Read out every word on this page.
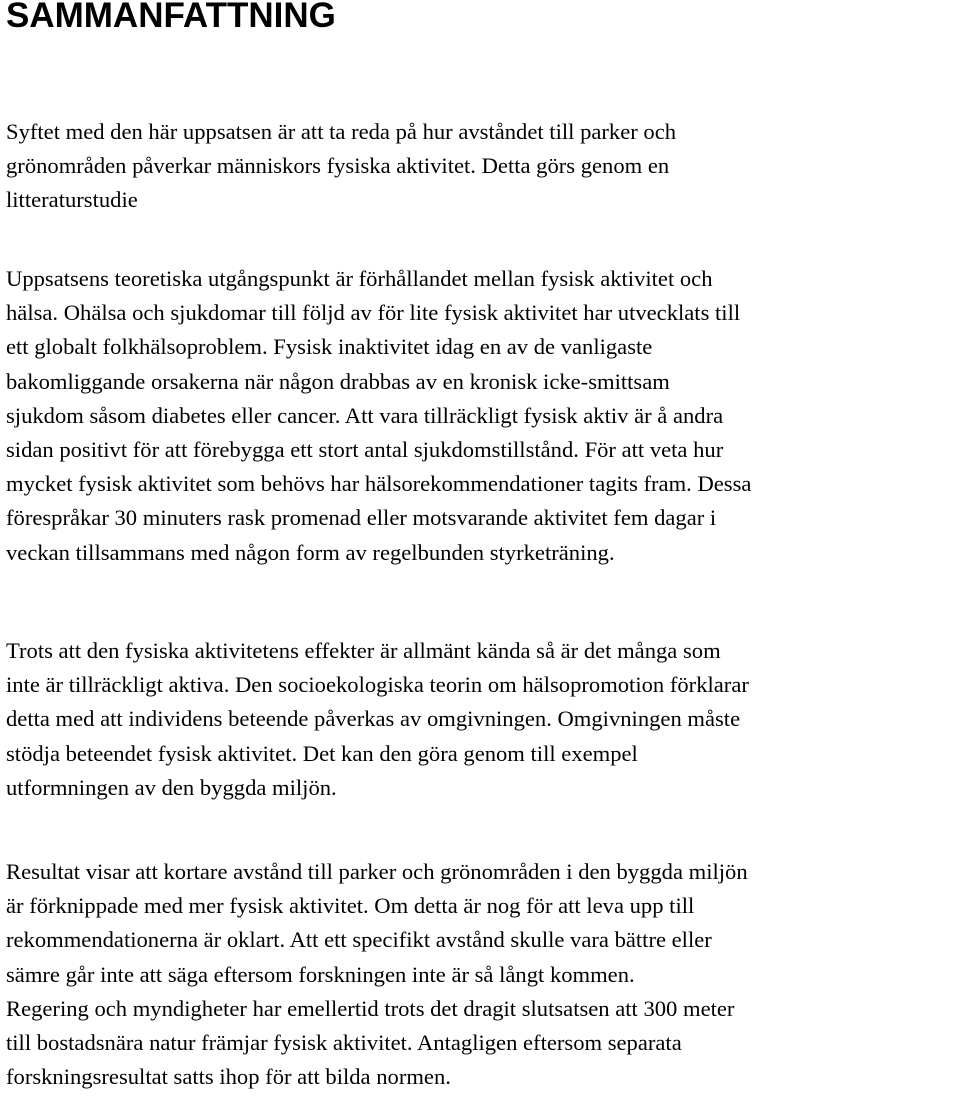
SAMMANFATTNING
Syftet med den här uppsatsen är att ta reda på hur avståndet till parker och
grönområden påverkar människors fysiska aktivitet. Detta görs genom en
litteraturstudie
Uppsatsens teoretiska utgångspunkt är förhållandet mellan fysisk aktivitet och
hälsa. Ohälsa och sjukdomar till följd av för lite fysisk aktivitet har utvecklats till
ett globalt folkhälsoproblem. Fysisk inaktivitet idag en av de vanligaste
bakomliggande orsakerna när någon drabbas av en kronisk icke-smittsam
sjukdom såsom diabetes eller cancer. Att vara tillräckligt fysisk aktiv är å andra
sidan positivt för att förebygga ett stort antal sjukdomstillstånd. För att veta hur
mycket fysisk aktivitet som behövs har hälsorekommendationer tagits fram. Dessa
förespråkar 30 minuters rask promenad eller motsvarande aktivitet fem dagar i
veckan tillsammans med någon form av regelbunden styrketräning.
Trots att den fysiska aktivitetens effekter är allmänt kända så är det många som
inte är tillräckligt aktiva. Den socioekologiska teorin om hälsopromotion förklarar
detta med att individens beteende påverkas av omgivningen. Omgivningen måste
stödja beteendet fysisk aktivitet. Det kan den göra genom till exempel
utformningen av den byggda miljön.
Resultat visar att kortare avstånd till parker och grönområden i den byggda miljön
är förknippade med mer fysisk aktivitet. Om detta är nog för att leva upp till
rekommendationerna är oklart. Att ett specifikt avstånd skulle vara bättre eller
sämre går inte att säga eftersom forskningen inte är så långt kommen.
Regering och myndigheter har emellertid trots det dragit slutsatsen att 300 meter
till bostadsnära natur främjar fysisk aktivitet. Antagligen eftersom separata
forskningsresultat satts ihop för att bilda normen.
